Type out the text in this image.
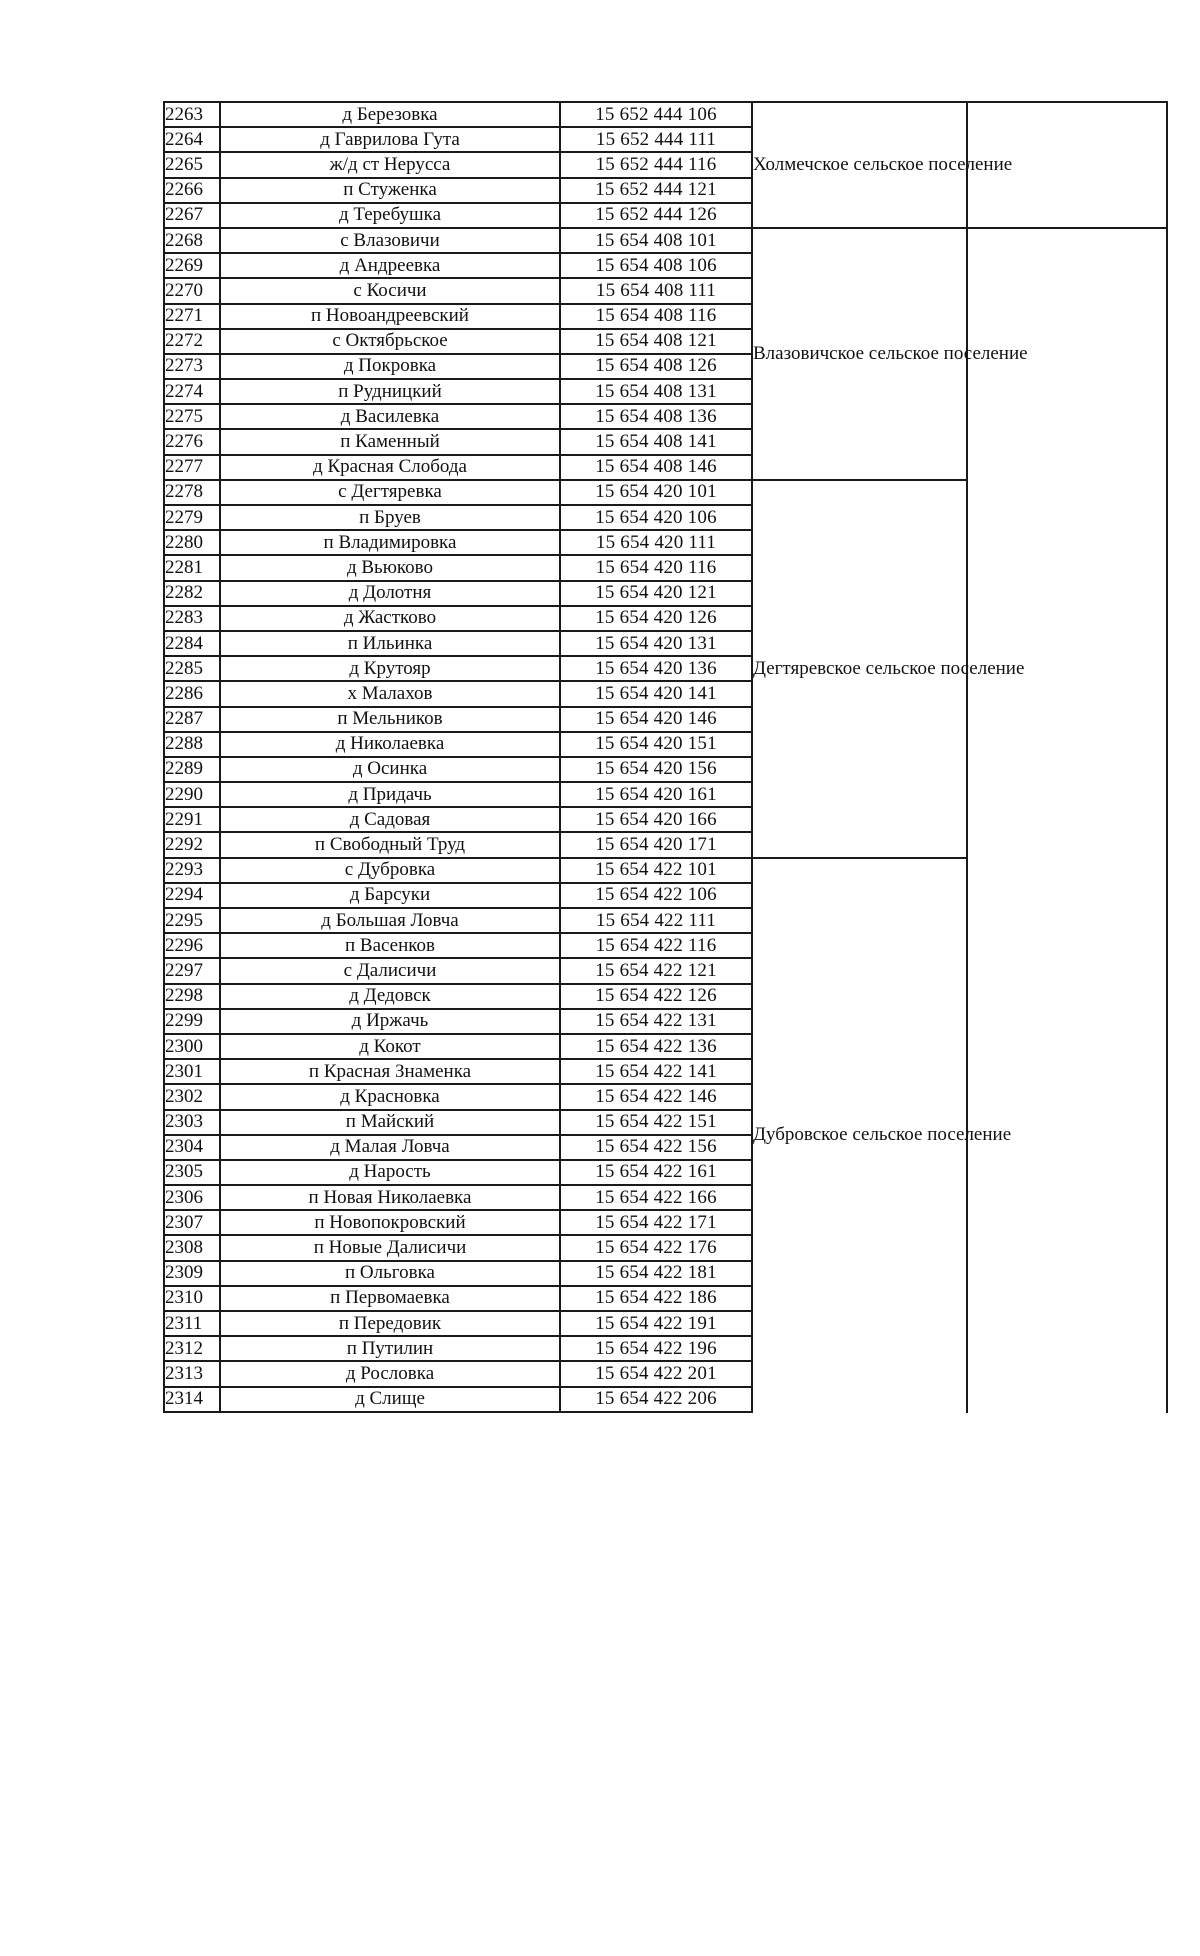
2263	д Березовка	15 652 444 106	Холмечское сельское поселение	
2264	д Гаврилова Гута	15 652 444 111		
2265	ж/д ст Нерусса	15 652 444 116		
2266	п Стуженка	15 652 444 121		
2267	д Теребушка	15 652 444 126		
2268	с Влазовичи	15 654 408 101	Влазовичское сельское поселение	
2269	д Андреевка	15 654 408 106		
2270	с Косичи	15 654 408 111		
2271	п Новоандреевский	15 654 408 116		
2272	с Октябрьское	15 654 408 121		
2273	д Покровка	15 654 408 126		
2274	п Рудницкий	15 654 408 131		
2275	д Василевка	15 654 408 136		
2276	п Каменный	15 654 408 141		
2277	д Красная Слобода	15 654 408 146		
2278	с Дегтяревка	15 654 420 101	Дегтяревское сельское поселение	
2279	п Бруев	15 654 420 106		
2280	п Владимировка	15 654 420 111		
2281	д Вьюково	15 654 420 116		
2282	д Долотня	15 654 420 121		
2283	д Жастково	15 654 420 126		
2284	п Ильинка	15 654 420 131		
2285	д Крутояр	15 654 420 136		
2286	х Малахов	15 654 420 141		
2287	п Мельников	15 654 420 146		
2288	д Николаевка	15 654 420 151		
2289	д Осинка	15 654 420 156		
2290	д Придачь	15 654 420 161		
2291	д Садовая	15 654 420 166		
2292	п Свободный Труд	15 654 420 171		
2293	с Дубровка	15 654 422 101	Дубровское сельское поселение	
2294	д Барсуки	15 654 422 106		
2295	д Большая Ловча	15 654 422 111		
2296	п Васенков	15 654 422 116		
2297	с Далисичи	15 654 422 121		
2298	д Дедовск	15 654 422 126		
2299	д Иржачь	15 654 422 131		
2300	д Кокот	15 654 422 136		
2301	п Красная Знаменка	15 654 422 141		
2302	д Красновка	15 654 422 146		
2303	п Майский	15 654 422 151		
2304	д Малая Ловча	15 654 422 156		
2305	д Нарость	15 654 422 161		
2306	п Новая Николаевка	15 654 422 166		
2307	п Новопокровский	15 654 422 171		
2308	п Новые Далисичи	15 654 422 176		
2309	п Ольговка	15 654 422 181		
2310	п Первомаевка	15 654 422 186		
2311	п Передовик	15 654 422 191		
2312	п Путилин	15 654 422 196		
2313	д Рословка	15 654 422 201		
2314	д Слище	15 654 422 206		
